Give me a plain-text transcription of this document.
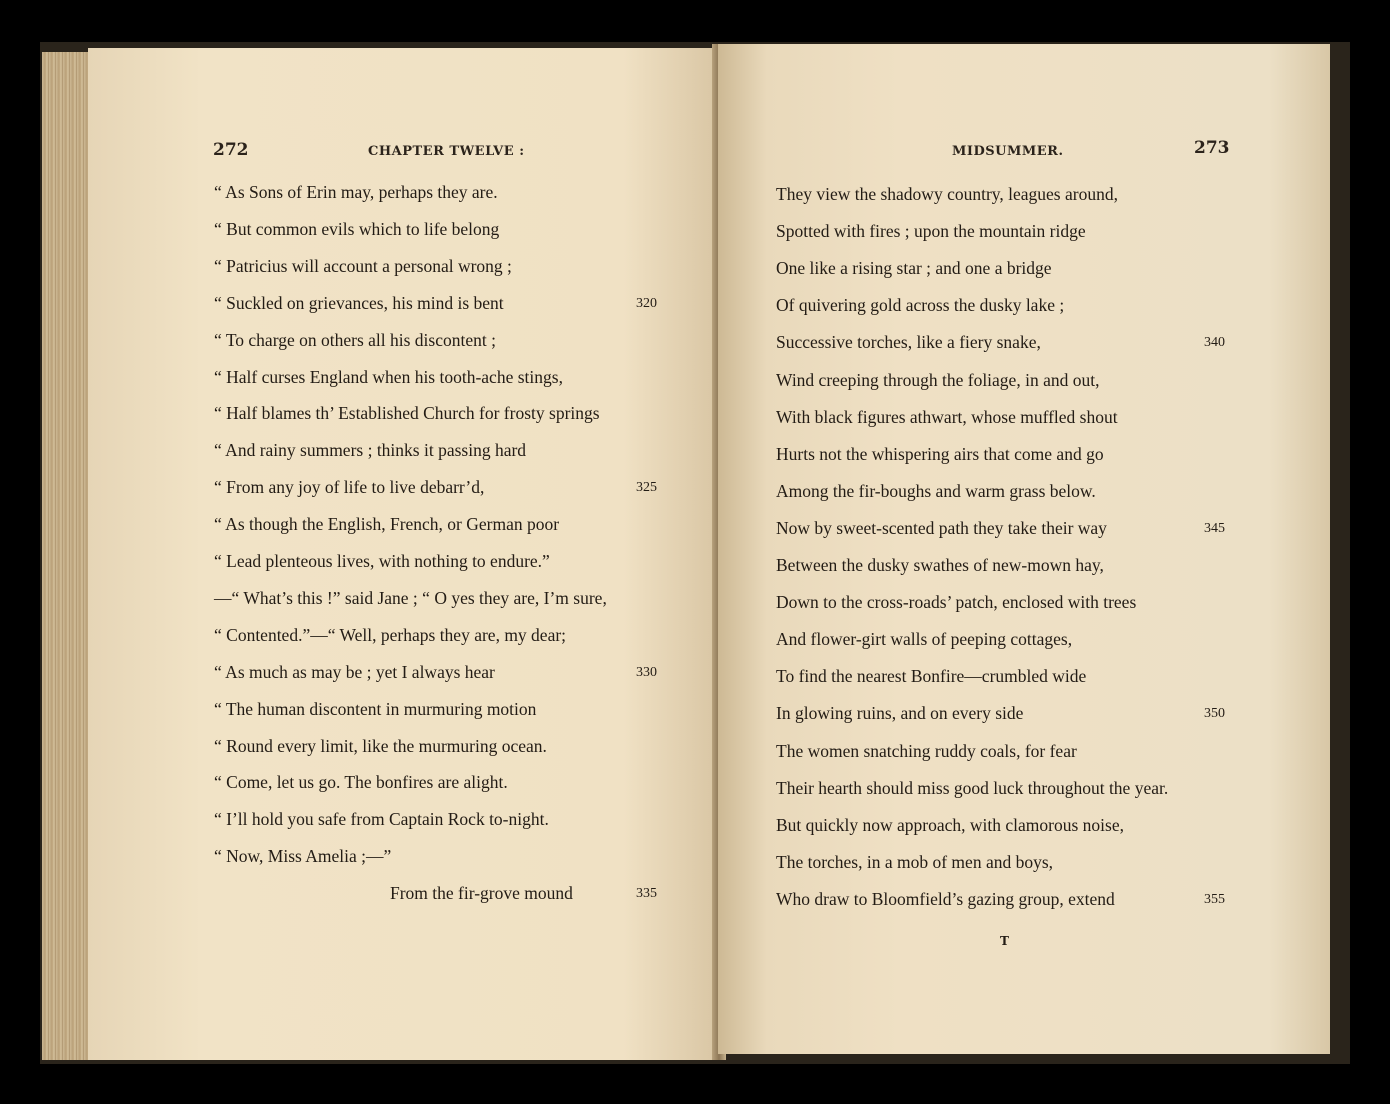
272	CHAPTER TWELVE :
“ As Sons of Erin may, perhaps they are.
“ But common evils which to life belong
“ Patricius will account a personal wrong ;
“ Suckled on grievances, his mind is bent	320
“ To charge on others all his discontent ;
“ Half curses England when his tooth-ache stings,
“ Half blames th’ Established Church for frosty springs
“ And rainy summers ; thinks it passing hard
“ From any joy of life to live debarr’d,	325
“ As though the English, French, or German poor
“ Lead plenteous lives, with nothing to endure.”
—“ What’s this !” said Jane ; “ O yes they are, I’m sure,
“ Contented.”—“ Well, perhaps they are, my dear;
“ As much as may be ; yet I always hear	330
“ The human discontent in murmuring motion
“ Round every limit, like the murmuring ocean.
“ Come, let us go. The bonfires are alight.
“ I’ll hold you safe from Captain Rock to-night.
“ Now, Miss Amelia ;—”
From the fir-grove mound	335
MIDSUMMER.	273
They view the shadowy country, leagues around,
Spotted with fires ; upon the mountain ridge
One like a rising star ; and one a bridge
Of quivering gold across the dusky lake ;
Successive torches, like a fiery snake,	340
Wind creeping through the foliage, in and out,
With black figures athwart, whose muffled shout
Hurts not the whispering airs that come and go
Among the fir-boughs and warm grass below.
Now by sweet-scented path they take their way	345
Between the dusky swathes of new-mown hay,
Down to the cross-roads’ patch, enclosed with trees
And flower-girt walls of peeping cottages,
To find the nearest Bonfire—crumbled wide
In glowing ruins, and on every side	350
The women snatching ruddy coals, for fear
Their hearth should miss good luck throughout the year.
But quickly now approach, with clamorous noise,
The torches, in a mob of men and boys,
Who draw to Bloomfield’s gazing group, extend	355
T
